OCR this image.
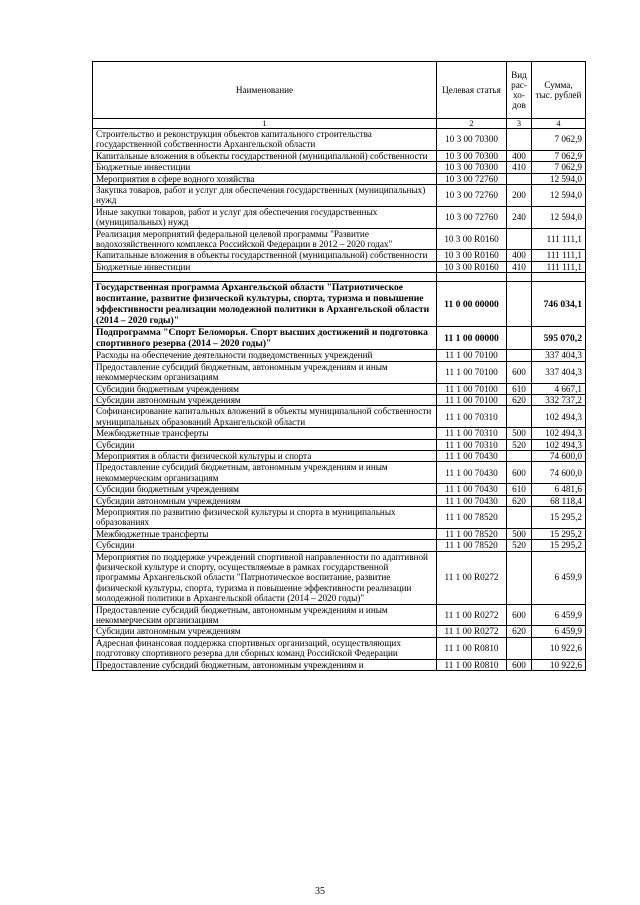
Наименование	Целевая статья	Вид рас- хо- дов	Сумма, тыс. рублей
1	2	3	4
Строительство и реконструкция объектов капитального строительства государственной собственности Архангельской области	10 3 00 70300		7 062,9
Капитальные вложения в объекты государственной (муниципальной) собственности	10 3 00 70300	400	7 062,9
Бюджетные инвестиции	10 3 00 70300	410	7 062,9
Мероприятия в сфере водного хозяйства	10 3 00 72760		12 594,0
Закупка товаров, работ и услуг для обеспечения государственных (муниципальных) нужд	10 3 00 72760	200	12 594,0
Иные закупки товаров, работ и услуг для обеспечения государственных (муниципальных) нужд	10 3 00 72760	240	12 594,0
Реализация мероприятий федеральной целевой программы "Развитие водохозяйственного комплекса Российской Федерации в 2012 – 2020 годах"	10 3 00 R0160		111 111,1
Капитальные вложения в объекты государственной (муниципальной) собственности	10 3 00 R0160	400	111 111,1
Бюджетные инвестиции	10 3 00 R0160	410	111 111,1

Государственная программа Архангельской области "Патриотическое воспитание, развитие физической культуры, спорта, туризма и повышение эффективности реализации молодежной политики в Архангельской области (2014 – 2020 годы)"	11 0 00 00000		746 034,1
Подпрограмма "Спорт Беломорья. Спорт высших достижений и подготовка спортивного резерва (2014 – 2020 годы)"	11 1 00 00000		595 070,2
Расходы на обеспечение деятельности подведомственных учреждений	11 1 00 70100		337 404,3
Предоставление субсидий бюджетным, автономным учреждениям и иным некоммерческим организациям	11 1 00 70100	600	337 404,3
Субсидии бюджетным учреждениям	11 1 00 70100	610	4 667,1
Субсидии автономным учреждениям	11 1 00 70100	620	332 737,2
Софинансирование капитальных вложений в объекты муниципальной собственности муниципальных образований Архангельской области	11 1 00 70310		102 494,3
Межбюджетные трансферты	11 1 00 70310	500	102 494,3
Субсидии	11 1 00 70310	520	102 494,3
Мероприятия в области физической культуры и спорта	11 1 00 70430		74 600,0
Предоставление субсидий бюджетным, автономным учреждениям и иным некоммерческим организациям	11 1 00 70430	600	74 600,0
Субсидии бюджетным учреждениям	11 1 00 70430	610	6 481,6
Субсидии автономным учреждениям	11 1 00 70430	620	68 118,4
Мероприятия по развитию физической культуры и спорта в муниципальных образованиях	11 1 00 78520		15 295,2
Межбюджетные трансферты	11 1 00 78520	500	15 295,2
Субсидии	11 1 00 78520	520	15 295,2
Мероприятия по поддержке учреждений спортивной направленности по адаптивной физической культуре и спорту, осуществляемые в рамках государственной программы Архангельской области "Патриотическое воспитание, развитие физической культуры, спорта, туризма и повышение эффективности реализации молодежной политики в Архангельской области (2014 – 2020 годы)"	11 1 00 R0272		6 459,9
Предоставление субсидий бюджетным, автономным учреждениям и иным некоммерческим организациям	11 1 00 R0272	600	6 459,9
Субсидии автономным учреждениям	11 1 00 R0272	620	6 459,9
Адресная финансовая поддержка спортивных организаций, осуществляющих подготовку спортивного резерва для сборных команд Российской Федерации	11 1 00 R0810		10 922,6
Предоставление субсидий бюджетным, автономным учреждениям и	11 1 00 R0810	600	10 922,6
35
